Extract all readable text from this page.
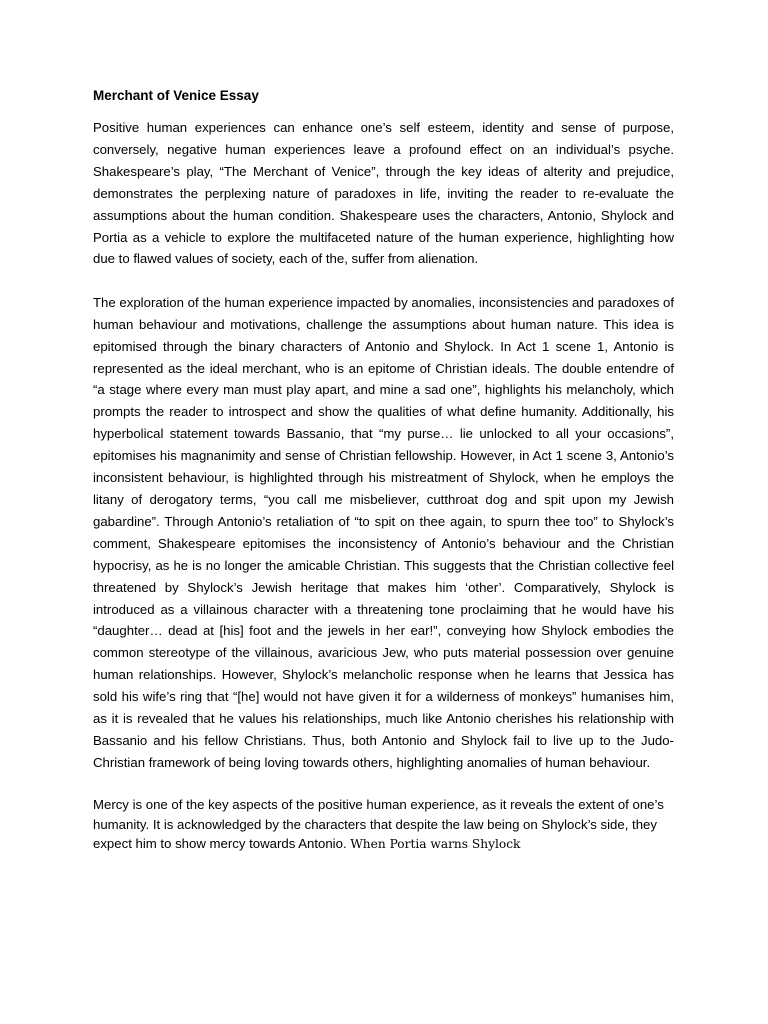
Merchant of Venice Essay

Positive human experiences can enhance one’s self esteem, identity and sense of purpose, conversely, negative human experiences leave a profound effect on an individual’s psyche. Shakespeare’s play, “The Merchant of Venice”, through the key ideas of alterity and prejudice, demonstrates the perplexing nature of paradoxes in life, inviting the reader to re-evaluate the assumptions about the human condition. Shakespeare uses the characters, Antonio, Shylock and Portia as a vehicle to explore the multifaceted nature of the human experience, highlighting how due to flawed values of society, each of the, suffer from alienation.

The exploration of the human experience impacted by anomalies, inconsistencies and paradoxes of human behaviour and motivations, challenge the assumptions about human nature. This idea is epitomised through the binary characters of Antonio and Shylock. In Act 1 scene 1, Antonio is represented as the ideal merchant, who is an epitome of Christian ideals. The double entendre of “a stage where every man must play apart, and mine a sad one”, highlights his melancholy, which prompts the reader to introspect and show the qualities of what define humanity. Additionally, his hyperbolical statement towards Bassanio, that “my purse… lie unlocked to all your occasions”, epitomises his magnanimity and sense of Christian fellowship. However, in Act 1 scene 3, Antonio’s inconsistent behaviour, is highlighted through his mistreatment of Shylock, when he employs the litany of derogatory terms, “you call me misbeliever, cutthroat dog and spit upon my Jewish gabardine”. Through Antonio’s retaliation of “to spit on thee again, to spurn thee too” to Shylock’s comment, Shakespeare epitomises the inconsistency of Antonio’s behaviour and the Christian hypocrisy, as he is no longer the amicable Christian. This suggests that the Christian collective feel threatened by Shylock’s Jewish heritage that makes him ‘other’. Comparatively, Shylock is introduced as a villainous character with a threatening tone proclaiming that he would have his “daughter… dead at [his] foot and the jewels in her ear!”, conveying how Shylock embodies the common stereotype of the villainous, avaricious Jew, who puts material possession over genuine human relationships. However, Shylock’s melancholic response when he learns that Jessica has sold his wife’s ring that “[he] would not have given it for a wilderness of monkeys” humanises him, as it is revealed that he values his relationships, much like Antonio cherishes his relationship with Bassanio and his fellow Christians. Thus, both Antonio and Shylock fail to live up to the Judo-Christian framework of being loving towards others, highlighting anomalies of human behaviour.

Mercy is one of the key aspects of the positive human experience, as it reveals the extent of one’s humanity. It is acknowledged by the characters that despite the law being on Shylock’s side, they expect him to show mercy towards Antonio. When Portia warns Shylock
